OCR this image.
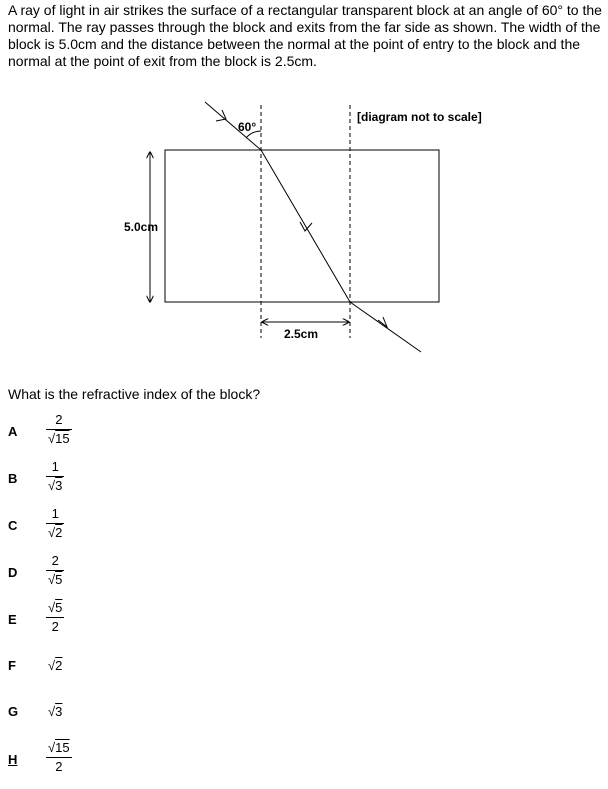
A ray of light in air strikes the surface of a rectangular transparent block at an angle of 60° to the normal. The ray passes through the block and exits from the far side as shown. The width of the block is 5.0cm and the distance between the normal at the point of entry to the block and the normal at the point of exit from the block is 2.5cm.

60°
[diagram not to scale]
5.0cm
2.5cm

What is the refractive index of the block?

A
2
√15
B
1
√3
C
1
√2
D
2
√5
E
√5
2
F √2
G √3
H
√15
2
